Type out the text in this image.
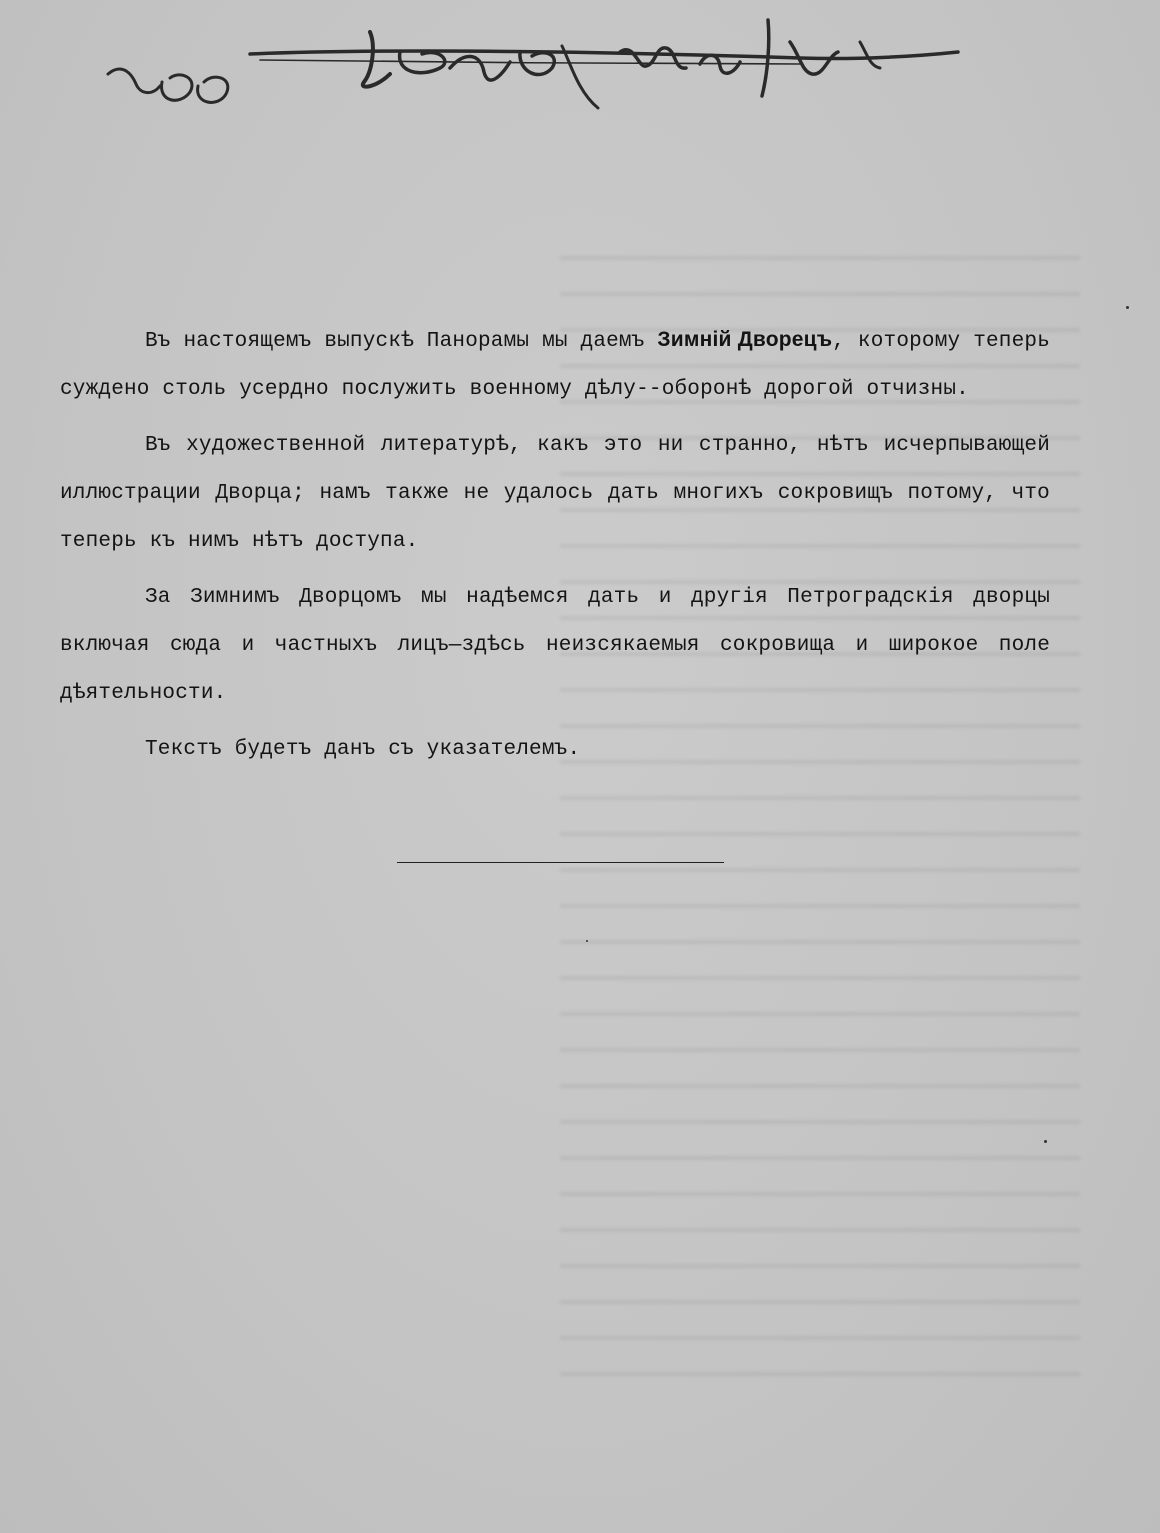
Въ настоящемъ выпускѣ Панорамы мы даемъ Зимній Дворецъ, которому теперь суждено столь усердно послужить военному дѣлу--оборонѣ дорогой отчизны.

Въ художественной литературѣ, какъ это ни странно, нѣтъ исчерпывающей иллюстрации Дворца; намъ также не удалось дать многихъ сокровищъ потому, что теперь къ нимъ нѣтъ доступа.

За Зимнимъ Дворцомъ мы надѣемся дать и другія Петроградскія дворцы включая сюда и частныхъ лицъ—здѣсь неизсякаемыя сокровища и широкое поле дѣятельности.

Текстъ будетъ данъ съ указателемъ.
